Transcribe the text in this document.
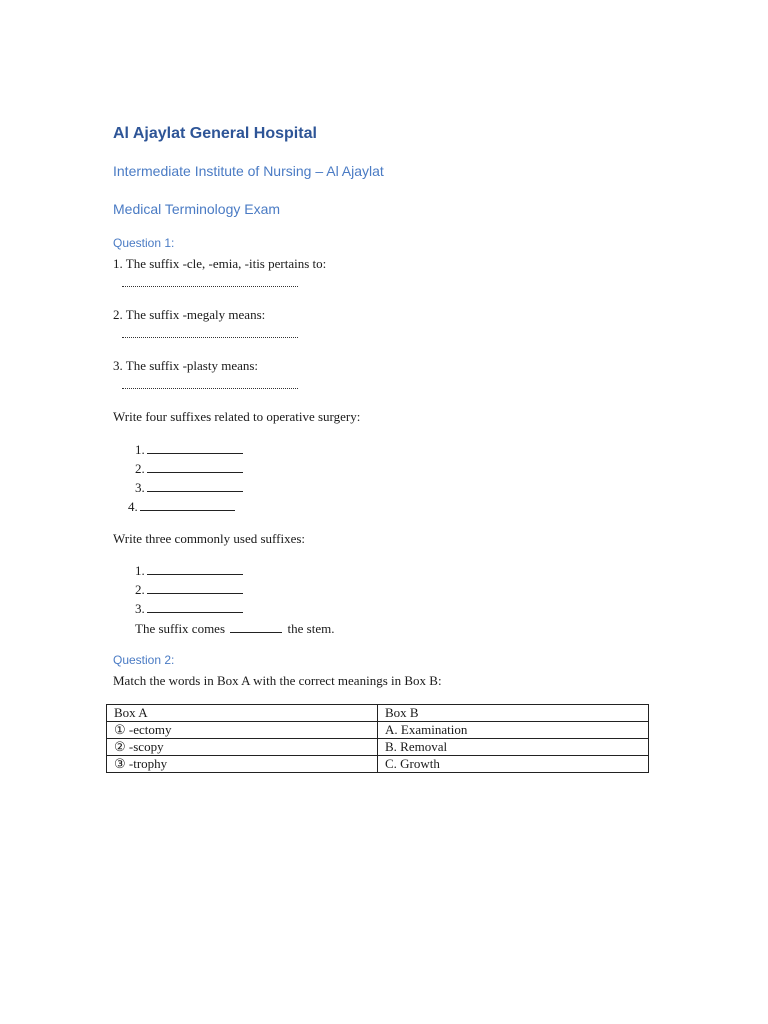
Al Ajaylat General Hospital
Intermediate Institute of Nursing – Al Ajaylat
Medical Terminology Exam
Question 1:
1. The suffix -cle, -emia, -itis pertains to:
2. The suffix -megaly means:
3. The suffix -plasty means:
Write four suffixes related to operative surgery:
1.
2.
3.
4.
Write three commonly used suffixes:
1.
2.
3.
The suffix comes	the stem.
Question 2:
Match the words in Box A with the correct meanings in Box B:
Box A	Box B
① -ectomy	A. Examination
② -scopy	B. Removal
③ -trophy	C. Growth
